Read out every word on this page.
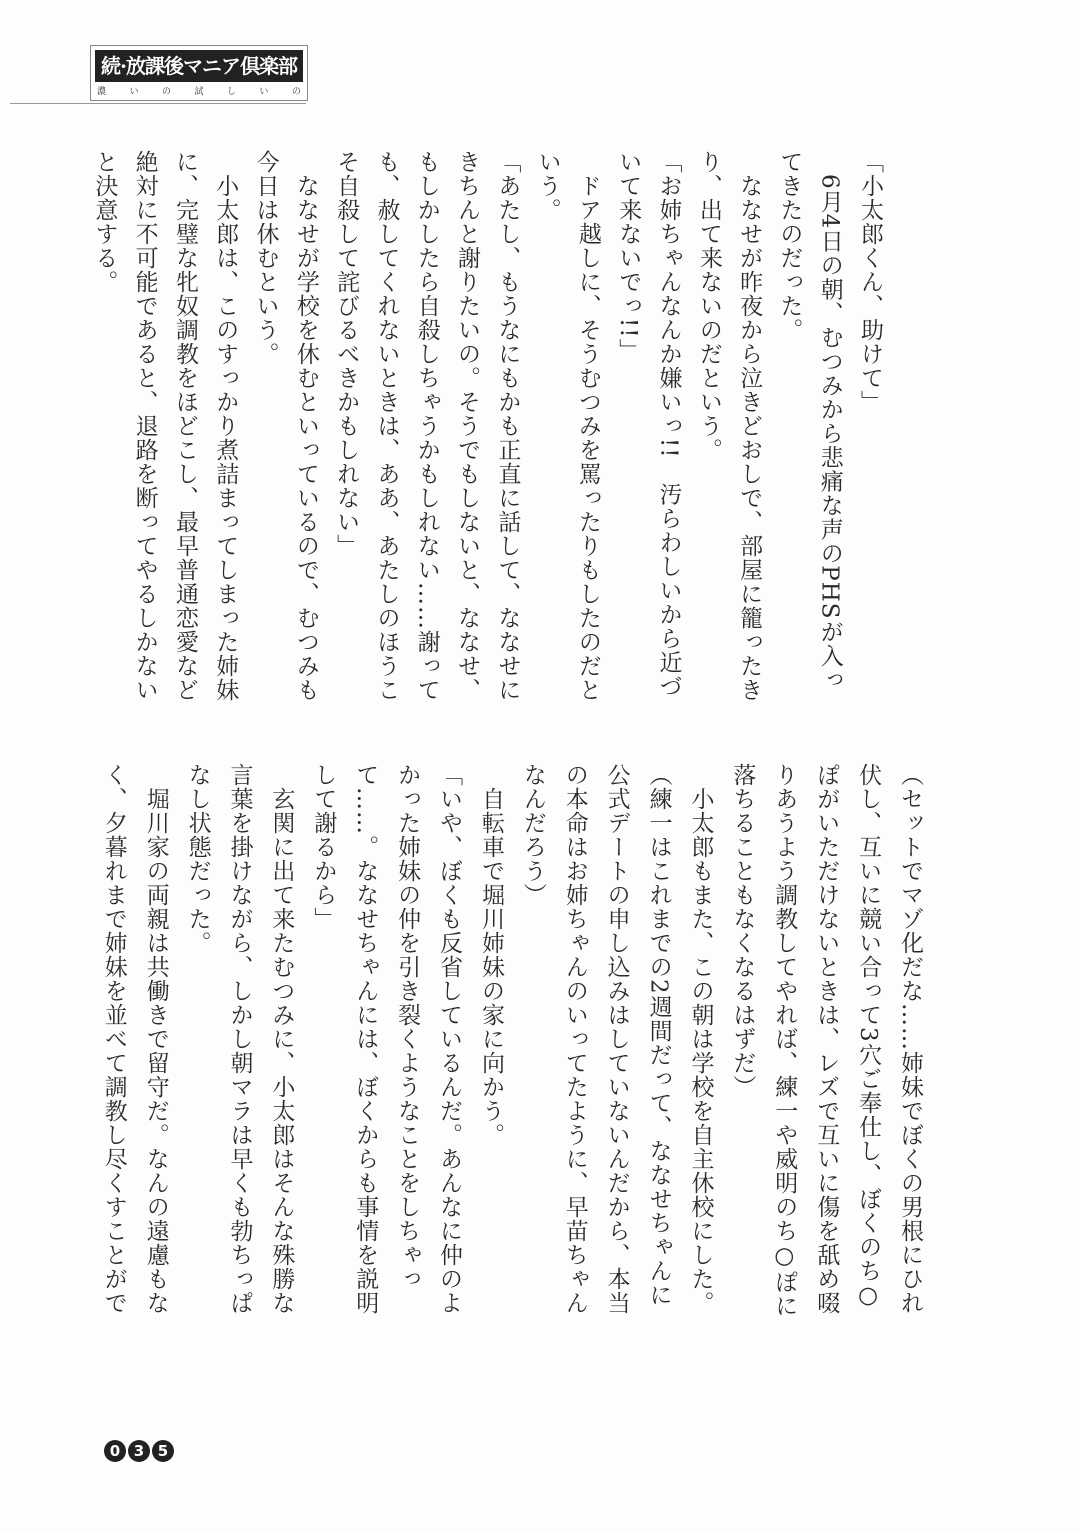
続·放課後マニア倶楽部
濃	い	の	試	し	い	の
「小太郎くん、助けて」
　6月4日の朝、むつみから悲痛な声のPHSが入っ
てきたのだった。
　ななせが昨夜から泣きどおしで、部屋に籠ったき
り、出て来ないのだという。
「お姉ちゃんなんか嫌いっ!!　汚らわしいから近づ
いて来ないでっ!!」
　ドア越しに、そうむつみを罵ったりもしたのだと
いう。
「あたし、もうなにもかも正直に話して、ななせに
きちんと謝りたいの。そうでもしないと、ななせ、
もしかしたら自殺しちゃうかもしれない……謝って
も、赦してくれないときは、ああ、あたしのほうこ
そ自殺して詫びるべきかもしれない」
　ななせが学校を休むといっているので、むつみも
今日は休むという。
　小太郎は、このすっかり煮詰まってしまった姉妹
に、完璧な牝奴調教をほどこし、最早普通恋愛など
絶対に不可能であると、退路を断ってやるしかない
と決意する。
（セットでマゾ化だな……姉妹でぼくの男根にひれ
伏し、互いに競い合って3穴ご奉仕し、ぼくのち○
ぽがいただけないときは、レズで互いに傷を舐め啜
りあうよう調教してやれば、練一や威明のち○ぽに
落ちることもなくなるはずだ）
　小太郎もまた、この朝は学校を自主休校にした。
（練一はこれまでの2週間だって、ななせちゃんに
公式デートの申し込みはしていないんだから、本当
の本命はお姉ちゃんのいってたように、早苗ちゃん
なんだろう）
　自転車で堀川姉妹の家に向かう。
「いや、ぼくも反省しているんだ。あんなに仲のよ
かった姉妹の仲を引き裂くようなことをしちゃっ
て……。ななせちゃんには、ぼくからも事情を説明
して謝るから」
　玄関に出て来たむつみに、小太郎はそんな殊勝な
言葉を掛けながら、しかし朝マラは早くも勃ちっぱ
なし状態だった。
　堀川家の両親は共働きで留守だ。なんの遠慮もな
く、夕暮れまで姉妹を並べて調教し尽くすことがで
0 3 5
